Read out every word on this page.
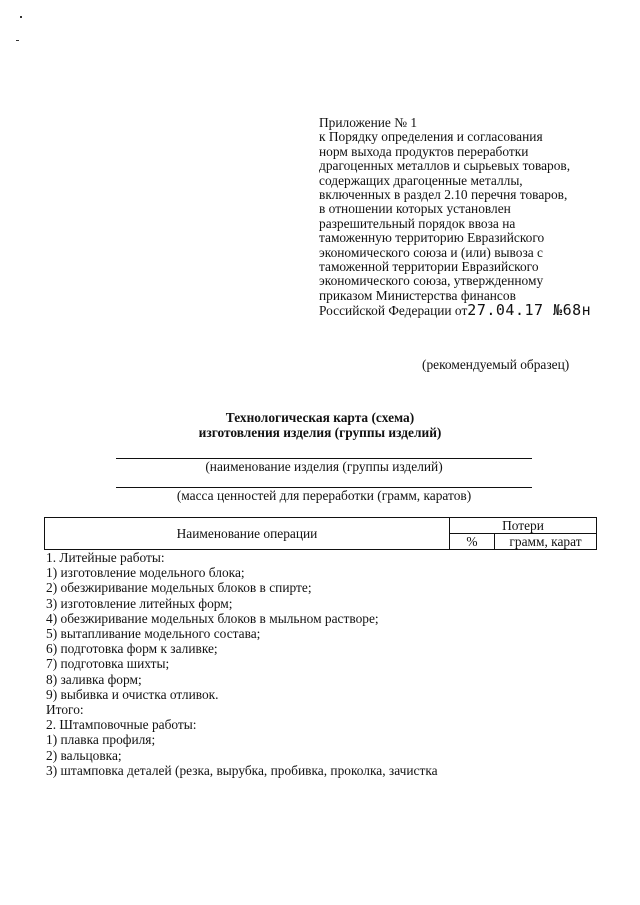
Приложение № 1
к Порядку определения и согласования
норм выхода продуктов переработки
драгоценных металлов и сырьевых товаров,
содержащих драгоценные металлы,
включенных в раздел 2.10 перечня товаров,
в отношении которых установлен
разрешительный порядок ввоза на
таможенную территорию Евразийского
экономического союза и (или) вывоза с
таможенной территории Евразийского
экономического союза, утвержденному
приказом Министерства финансов
Российской Федерации от27.04.17 №68н
(рекомендуемый образец)
Технологическая карта (схема)
изготовления изделия (группы изделий)
(наименование изделия (группы изделий)
(масса ценностей для переработки (грамм, каратов)
Наименование операции	Потери	
	%	грамм, карат
1. Литейные работы:
1) изготовление модельного блока;
2) обезжиривание модельных блоков в спирте;
3) изготовление литейных форм;
4) обезжиривание модельных блоков в мыльном растворе;
5) вытапливание модельного состава;
6) подготовка форм к заливке;
7) подготовка шихты;
8) заливка форм;
9) выбивка и очистка отливок.
Итого:
2. Штамповочные работы:
1) плавка профиля;
2) вальцовка;
3) штамповка деталей (резка, вырубка, пробивка, проколка, зачистка
